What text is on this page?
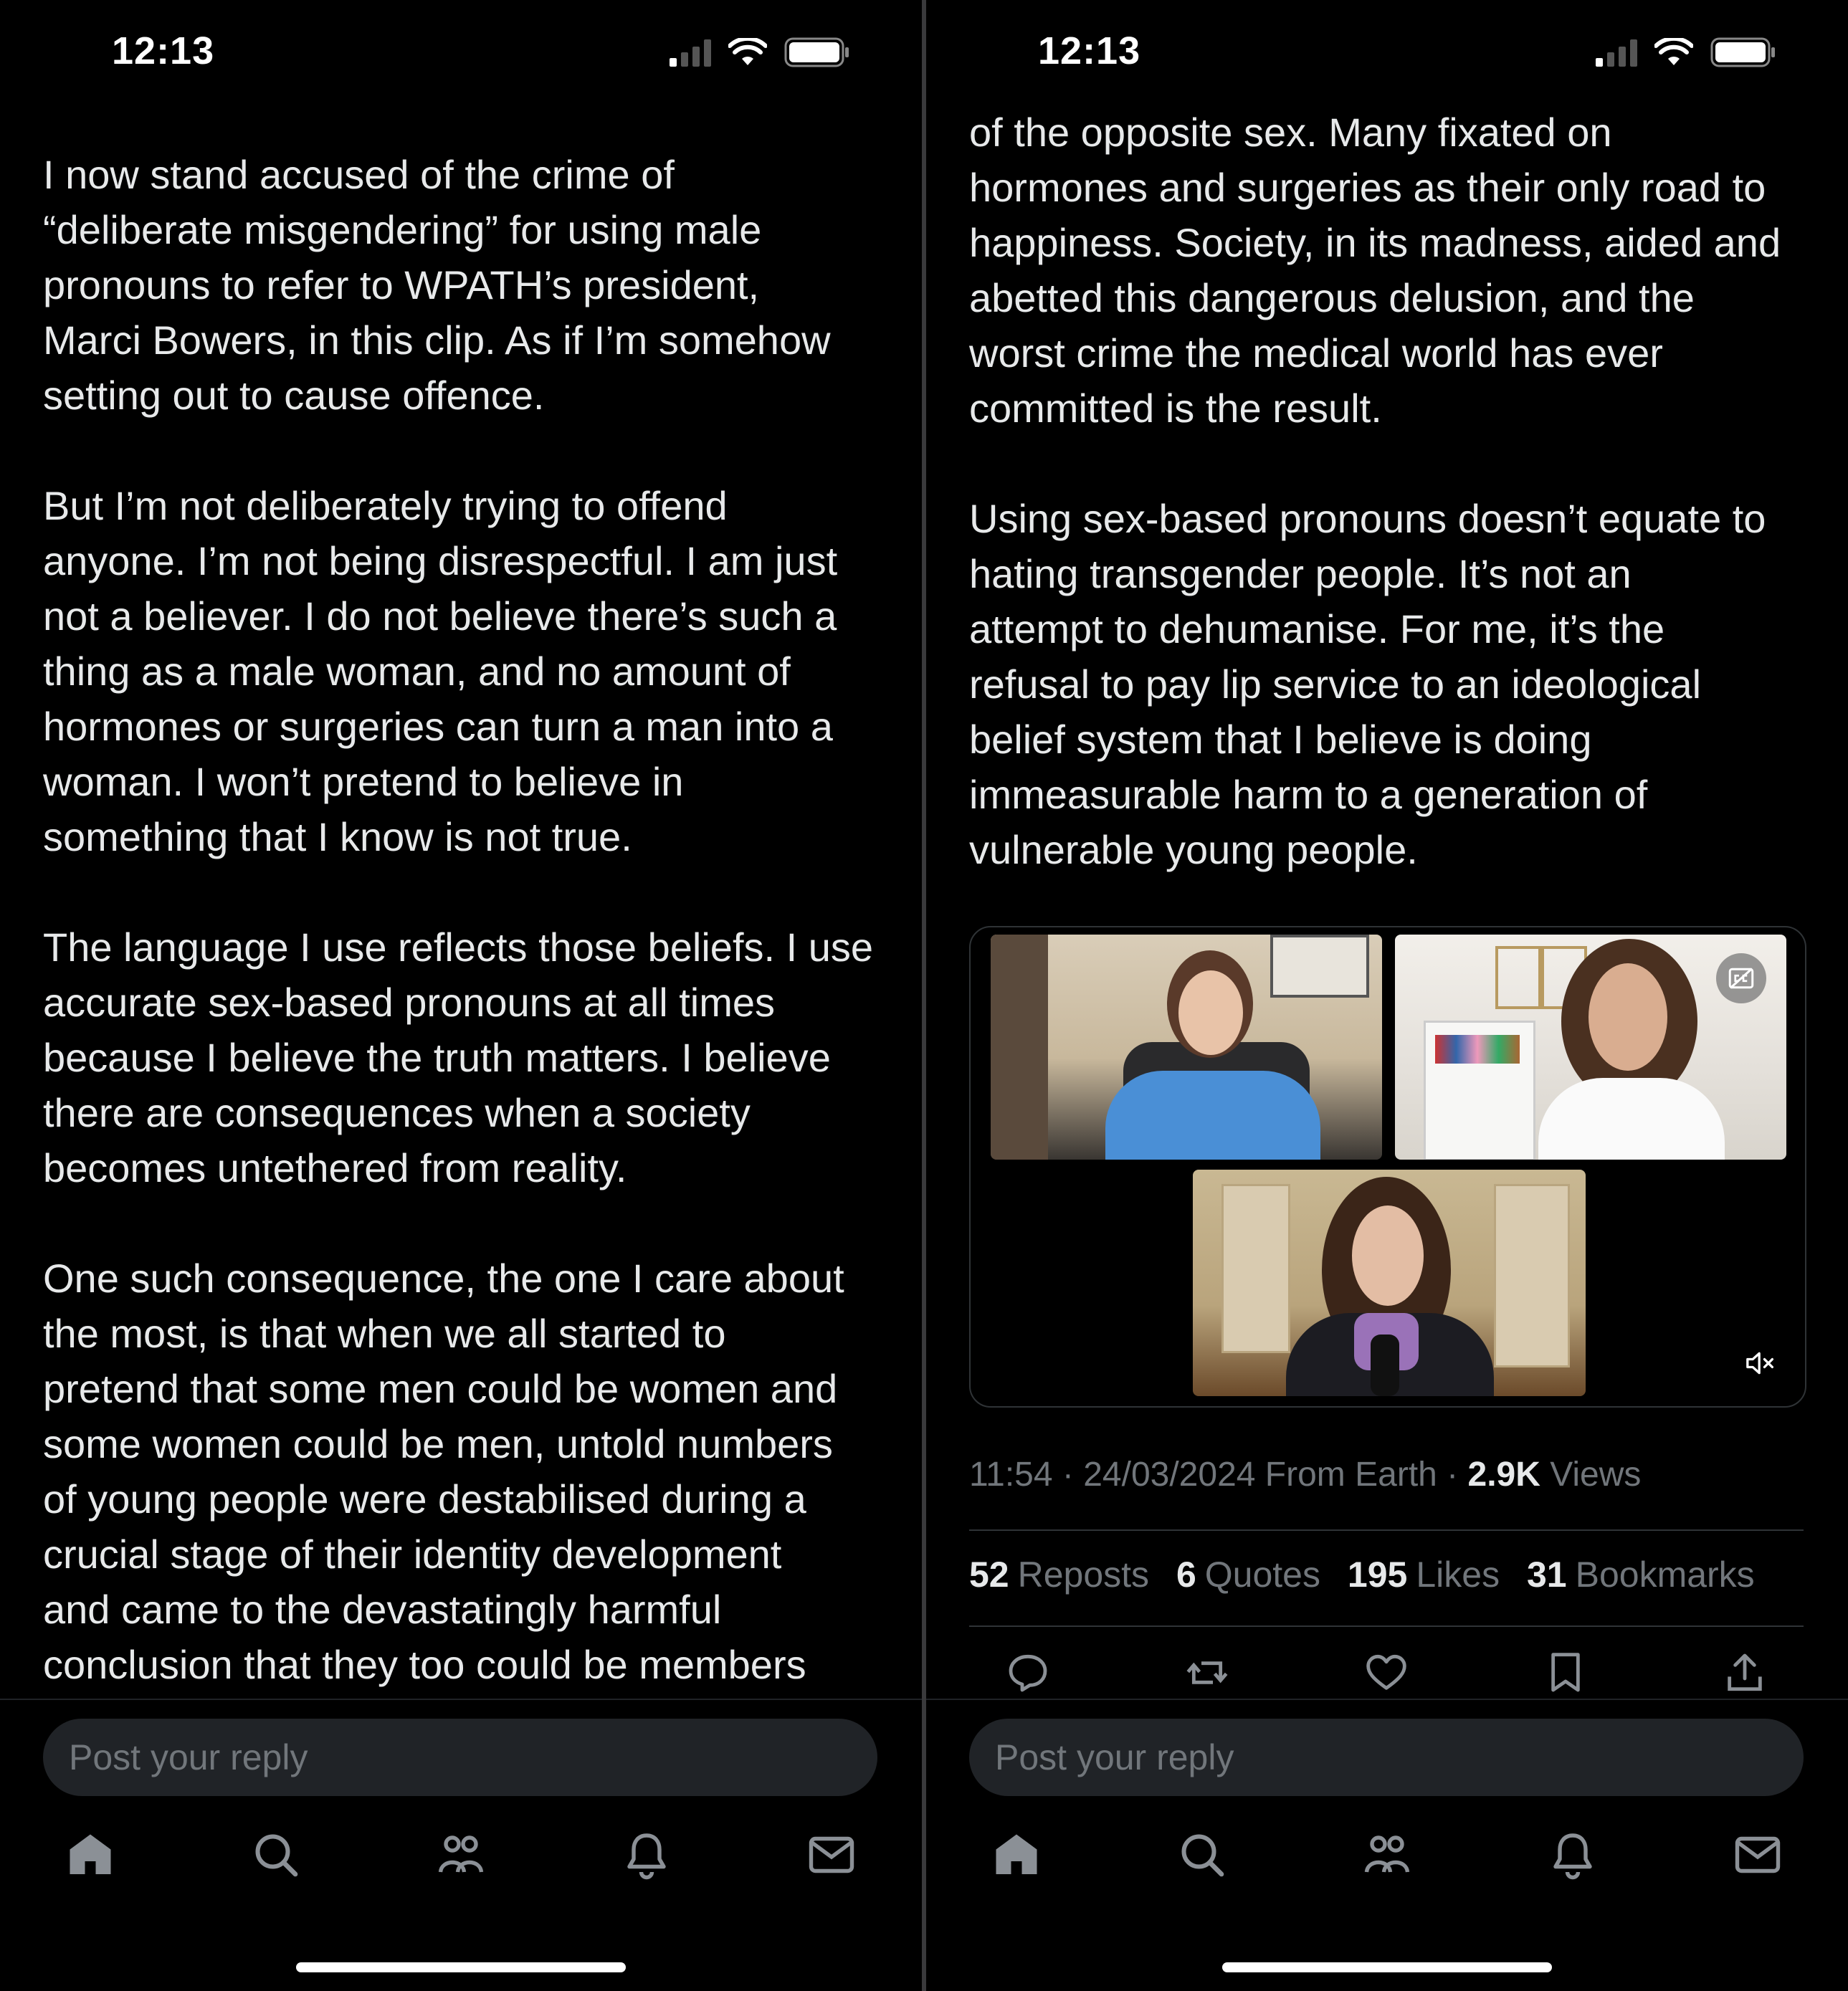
12:13

I now stand accused of the crime of
“deliberate misgendering” for using male
pronouns to refer to WPATH’s president,
Marci Bowers, in this clip. As if I’m somehow
setting out to cause offence.

But I’m not deliberately trying to offend
anyone. I’m not being disrespectful. I am just
not a believer. I do not believe there’s such a
thing as a male woman, and no amount of
hormones or surgeries can turn a man into a
woman. I won’t pretend to believe in
something that I know is not true.

The language I use reflects those beliefs. I use
accurate sex-based pronouns at all times
because I believe the truth matters. I believe
there are consequences when a society
becomes untethered from reality.

One such consequence, the one I care about
the most, is that when we all started to
pretend that some men could be women and
some women could be men, untold numbers
of young people were destabilised during a
crucial stage of their identity development
and came to the devastatingly harmful
conclusion that they too could be members

Post your reply
12:13

of the opposite sex. Many fixated on
hormones and surgeries as their only road to
happiness. Society, in its madness, aided and
abetted this dangerous delusion, and the
worst crime the medical world has ever
committed is the result.

Using sex-based pronouns doesn’t equate to
hating transgender people. It’s not an
attempt to dehumanise. For me, it’s the
refusal to pay lip service to an ideological
belief system that I believe is doing
immeasurable harm to a generation of
vulnerable young people.

11:54 · 24/03/2024 From Earth · 2.9K Views
52 Reposts 6 Quotes 195 Likes 31 Bookmarks
Post your reply
